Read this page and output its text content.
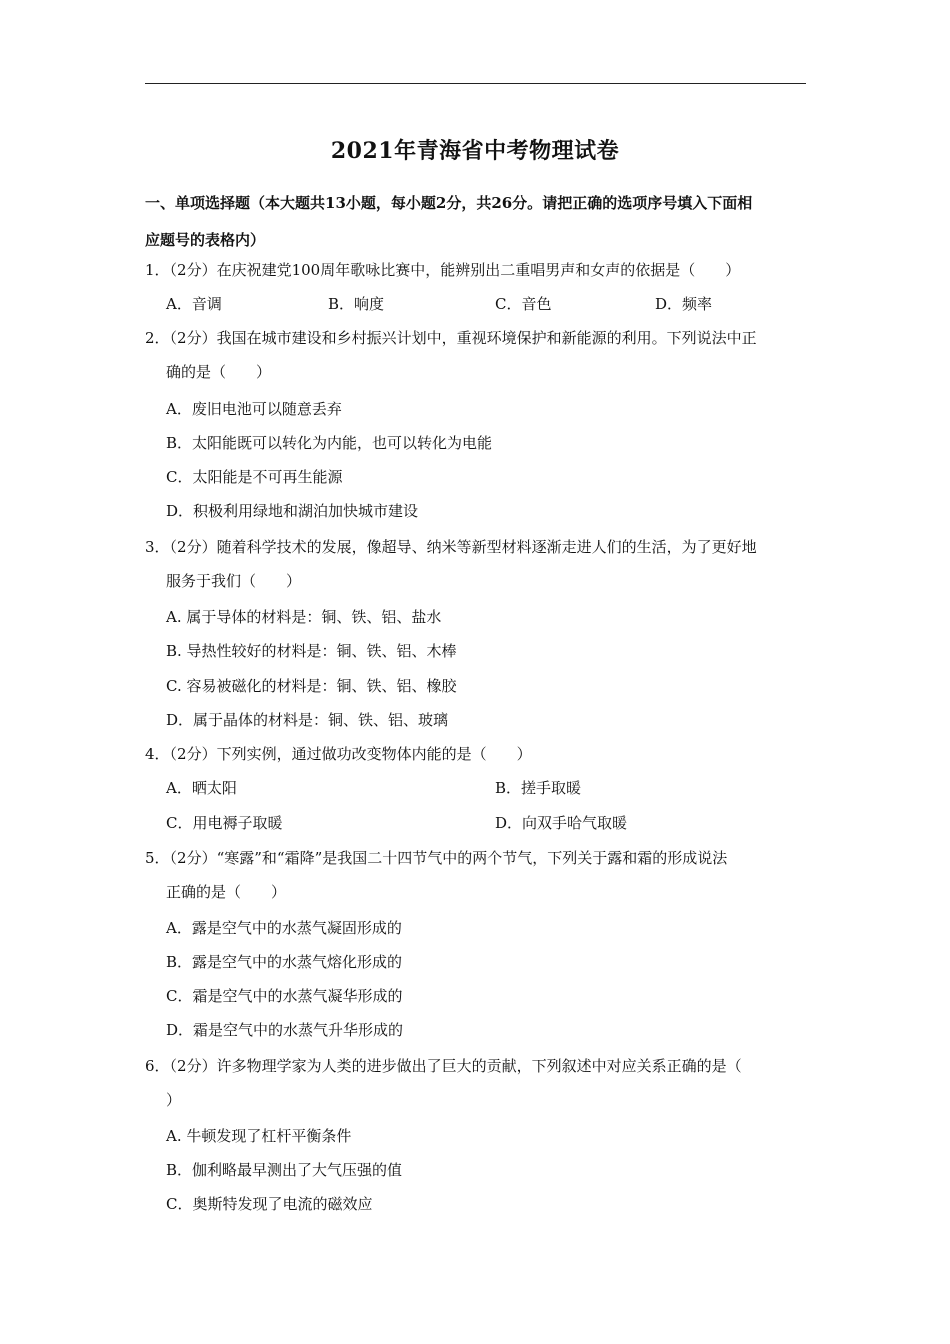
2021年青海省中考物理试卷
一、单项选择题（本大题共13小题，每小题2分，共26分。请把正确的选项序号填入下面相
应题号的表格内）
1．（2分）在庆祝建党100周年歌咏比赛中，能辨别出二重唱男声和女声的依据是（　　）
A．音调	B．响度	C．音色	D．频率
2．（2分）我国在城市建设和乡村振兴计划中，重视环境保护和新能源的利用。下列说法中正
确的是（　　）
A．废旧电池可以随意丢弃
B．太阳能既可以转化为内能，也可以转化为电能
C．太阳能是不可再生能源
D．积极利用绿地和湖泊加快城市建设
3．（2分）随着科学技术的发展，像超导、纳米等新型材料逐渐走进人们的生活，为了更好地
服务于我们（　　）
A. 属于导体的材料是：铜、铁、铝、盐水
B. 导热性较好的材料是：铜、铁、铝、木棒
C. 容易被磁化的材料是：铜、铁、铝、橡胶
D．属于晶体的材料是：铜、铁、铝、玻璃
4．（2分）下列实例，通过做功改变物体内能的是（　　）
A．晒太阳	B．搓手取暖
C．用电褥子取暖	D．向双手哈气取暖
5．（2分）“寒露”和“霜降”是我国二十四节气中的两个节气，下列关于露和霜的形成说法
正确的是（　　）
A．露是空气中的水蒸气凝固形成的
B．露是空气中的水蒸气熔化形成的
C．霜是空气中的水蒸气凝华形成的
D．霜是空气中的水蒸气升华形成的
6．（2分）许多物理学家为人类的进步做出了巨大的贡献，下列叙述中对应关系正确的是（
）
A. 牛顿发现了杠杆平衡条件
B．伽利略最早测出了大气压强的值
C．奥斯特发现了电流的磁效应
